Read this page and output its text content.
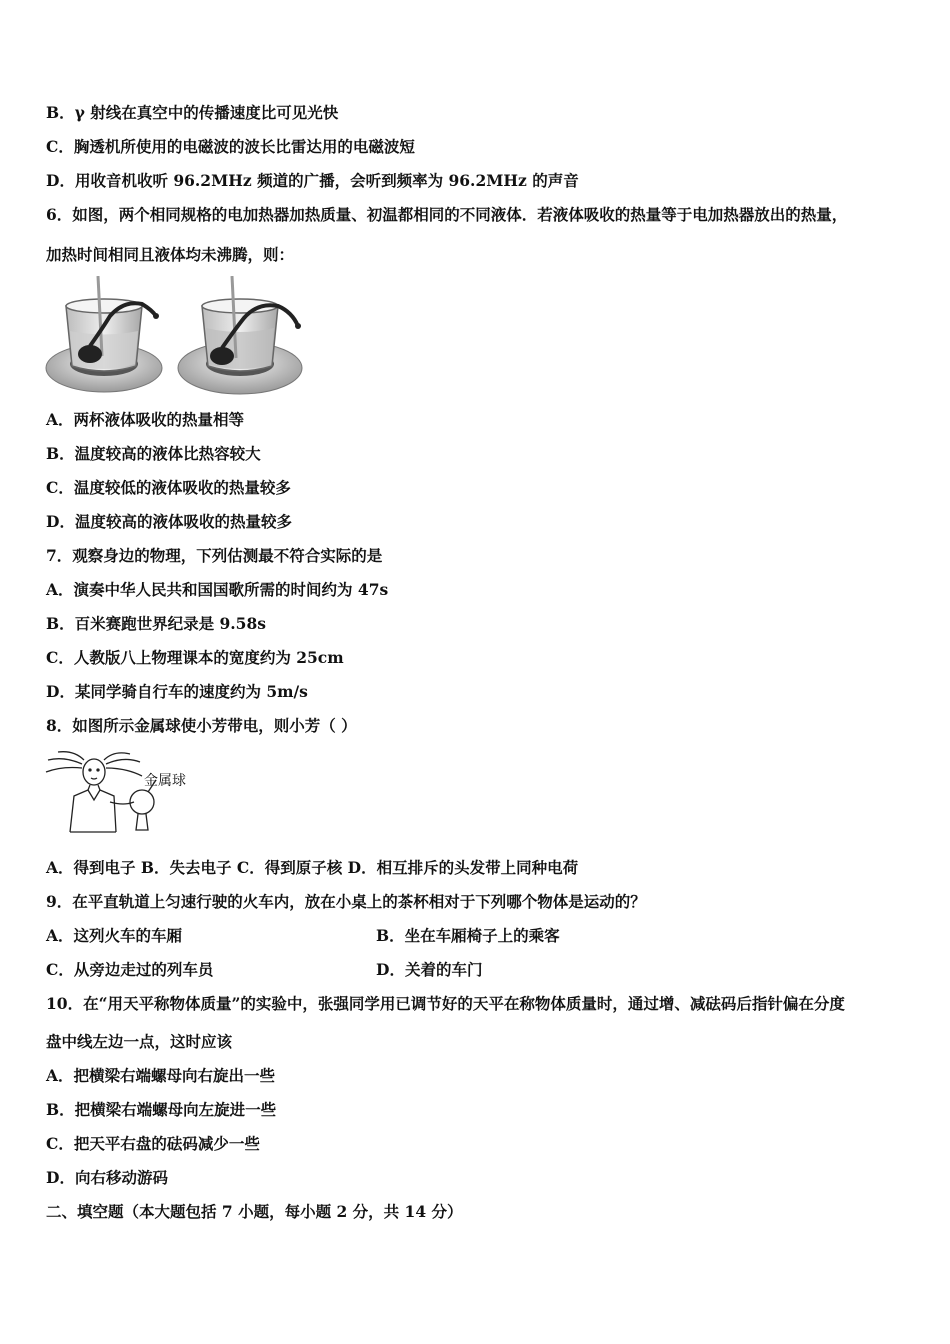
B．γ 射线在真空中的传播速度比可见光快
C．胸透机所使用的电磁波的波长比雷达用的电磁波短
D．用收音机收听 96.2MHz 频道的广播，会听到频率为 96.2MHz 的声音
6．如图，两个相同规格的电加热器加热质量、初温都相同的不同液体．若液体吸收的热量等于电加热器放出的热量，
加热时间相同且液体均未沸腾，则：
A．两杯液体吸收的热量相等
B．温度较高的液体比热容较大
C．温度较低的液体吸收的热量较多
D．温度较高的液体吸收的热量较多
7．观察身边的物理，下列估测最不符合实际的是
A．演奏中华人民共和国国歌所需的时间约为 47s
B．百米赛跑世界纪录是 9.58s
C．人教版八上物理课本的宽度约为 25cm
D．某同学骑自行车的速度约为 5m/s
8．如图所示金属球使小芳带电，则小芳（ ）
金属球
A．得到电子 B．失去电子 C．得到原子核 D．相互排斥的头发带上同种电荷
9．在平直轨道上匀速行驶的火车内，放在小桌上的茶杯相对于下列哪个物体是运动的？
A．这列火车的车厢	B．坐在车厢椅子上的乘客
C．从旁边走过的列车员	D．关着的车门
10．在“用天平称物体质量”的实验中，张强同学用已调节好的天平在称物体质量时，通过增、减砝码后指针偏在分度
盘中线左边一点，这时应该
A．把横梁右端螺母向右旋出一些
B．把横梁右端螺母向左旋进一些
C．把天平右盘的砝码减少一些
D．向右移动游码
二、填空题（本大题包括 7 小题，每小题 2 分，共 14 分）
